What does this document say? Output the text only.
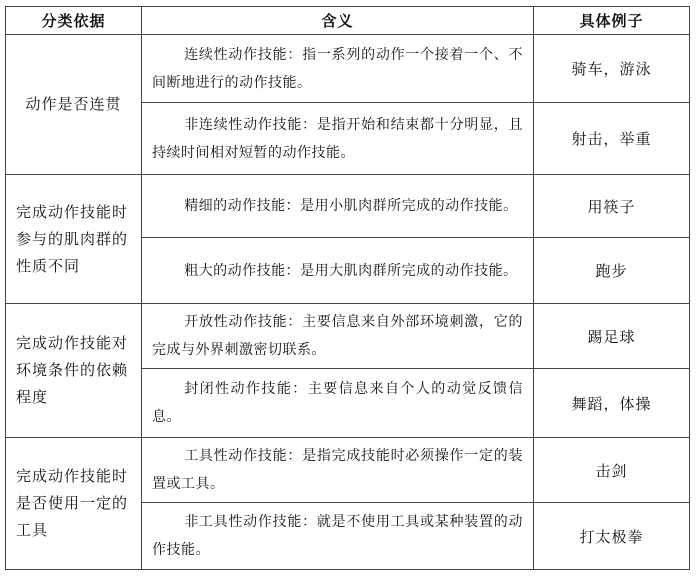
分类依据	含义	具体例子
动作是否连贯	连续性动作技能：指一系列的动作一个接着一个、不间断地进行的动作技能。	骑车，游泳
	非连续性动作技能：是指开始和结束都十分明显，且持续时间相对短暂的动作技能。	射击，举重
完成动作技能时参与的肌肉群的性质不同	精细的动作技能：是用小肌肉群所完成的动作技能。	用筷子
	粗大的动作技能：是用大肌肉群所完成的动作技能。	跑步
完成动作技能对环境条件的依赖程度	开放性动作技能：主要信息来自外部环境刺激，它的完成与外界刺激密切联系。	踢足球
	封闭性动作技能：主要信息来自个人的动觉反馈信息。	舞蹈，体操
完成动作技能时是否使用一定的工具	工具性动作技能：是指完成技能时必须操作一定的装置或工具。	击剑
	非工具性动作技能：就是不使用工具或某种装置的动作技能。	打太极拳
